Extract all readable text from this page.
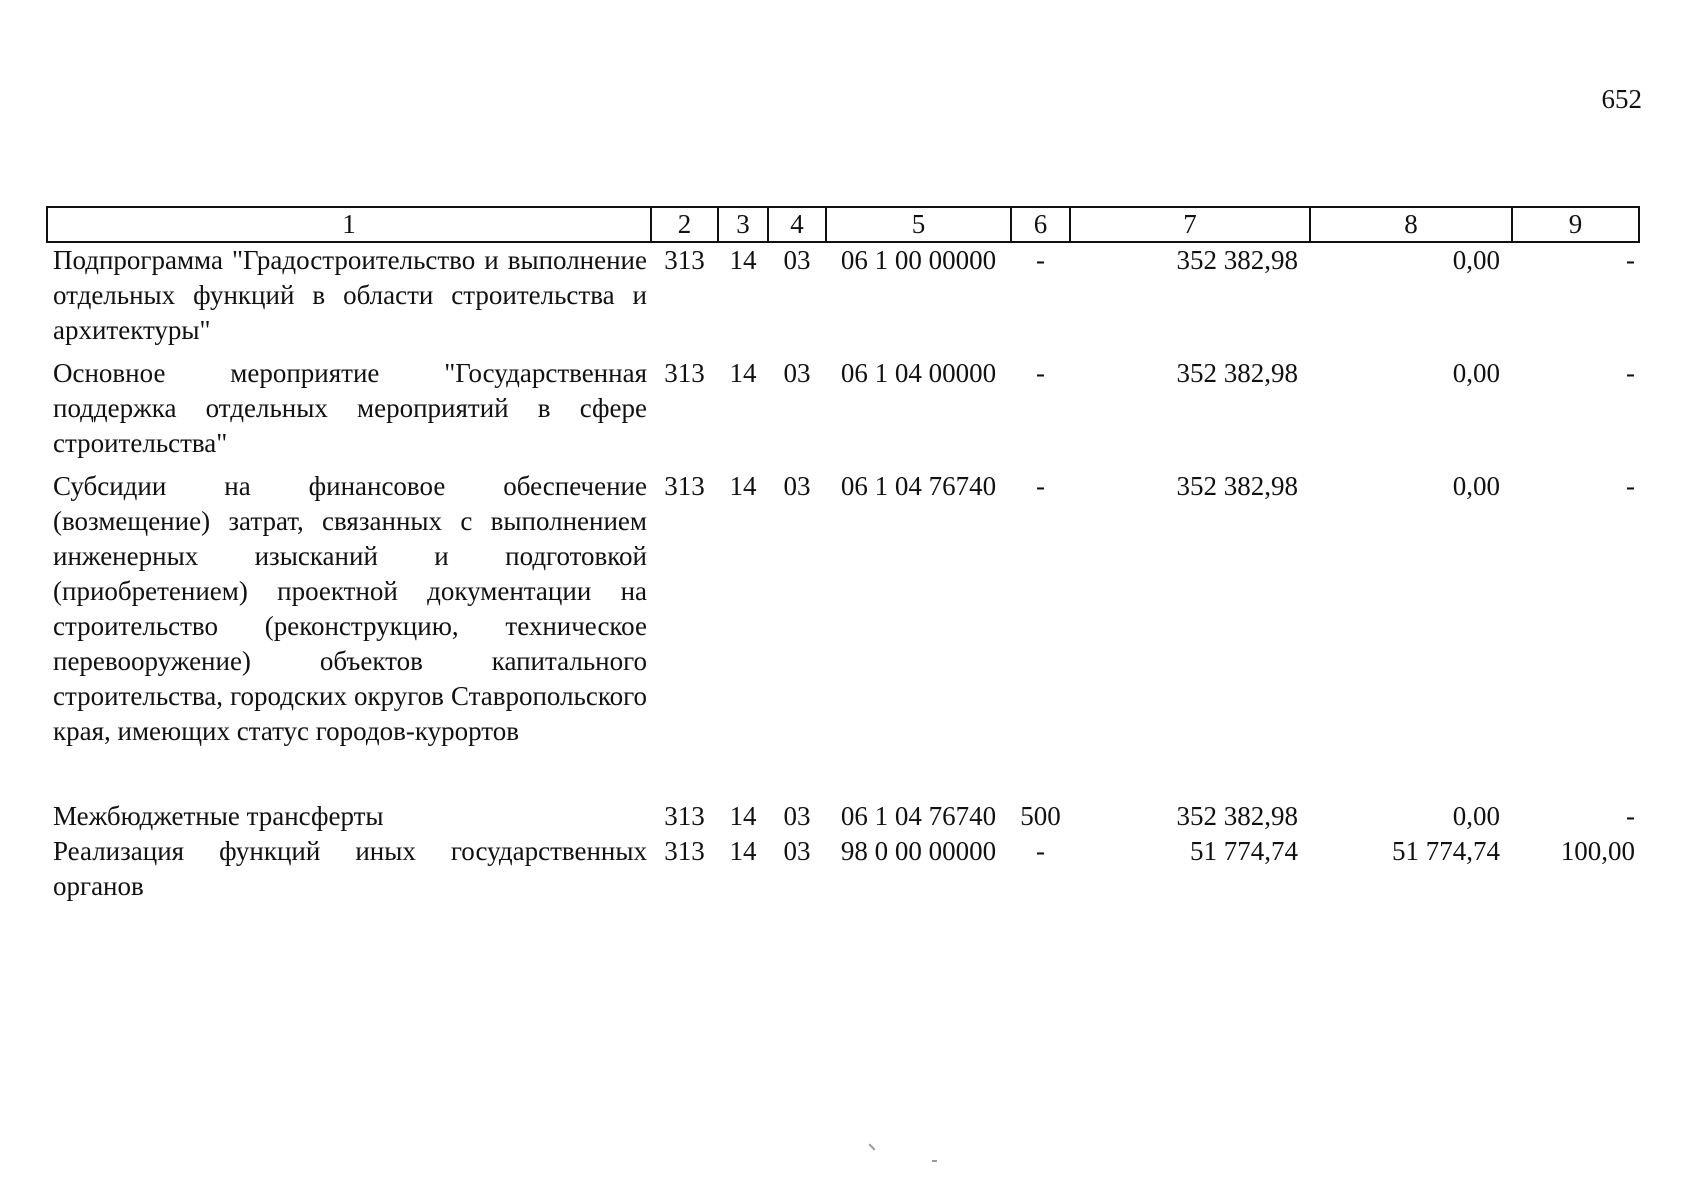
652
1	2	3	4	5	6	7	8	9
Подпрограмма "Градостроительство и выполнение отдельных функций в области строительства и архитектуры"	313	14	03	06 1 00 00000	-	352 382,98	0,00	-
Основное мероприятие "Государственная поддержка отдельных мероприятий в сфере строительства"	313	14	03	06 1 04 00000	-	352 382,98	0,00	-
Субсидии на финансовое обеспечение (возмещение) затрат, связанных с выполнением инженерных изысканий и подготовкой (приобретением) проектной документации на строительство (реконструкцию, техническое перевооружение) объектов капитального строительства, городских округов Ставропольского края, имеющих статус городов-курортов	313	14	03	06 1 04 76740	-	352 382,98	0,00	-
Межбюджетные трансферты	313	14	03	06 1 04 76740	500	352 382,98	0,00	-
Реализация функций иных государственных органов	313	14	03	98 0 00 00000	-	51 774,74	51 774,74	100,00
